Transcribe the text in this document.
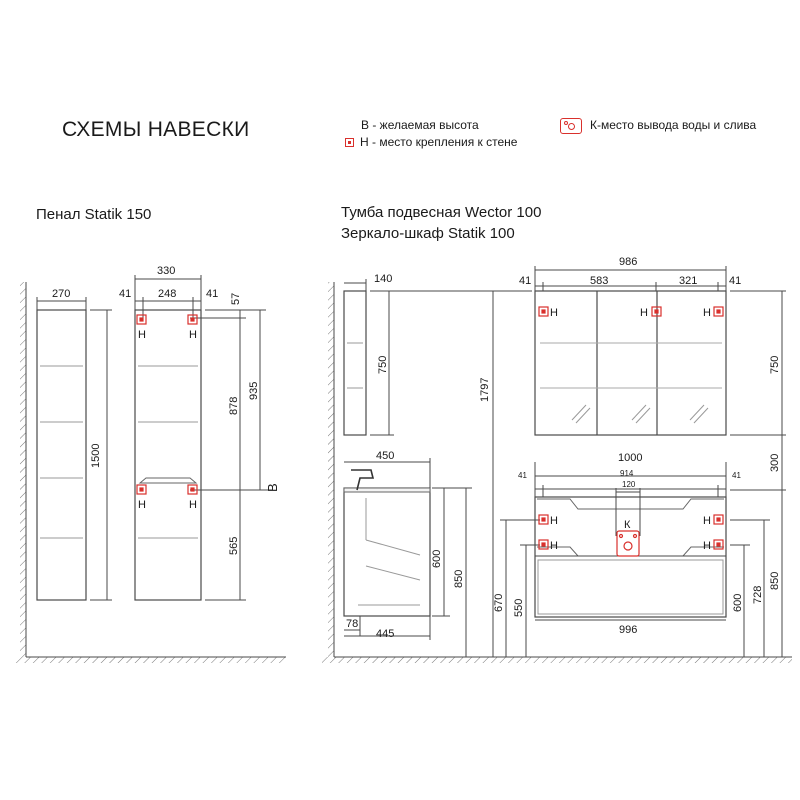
СХЕМЫ НАВЕСКИ	В - желаемая высота
Н - место крепления к стене
К-место вывода воды и слива
Пенал Statik 150	Тумба подвесная Wector 100
Зеркало-шкаф Statik 100
270
1500
330
41 248	41 57
878
935
565
В
140
750
1797
450
600
850
78
445
986
41	583	321	41
750
300
1000
41	41
914
120
996
670 550	600 728
850
Н	Н
Н	Н
Н	Н	Н
Н	Н
Н	Н
К
